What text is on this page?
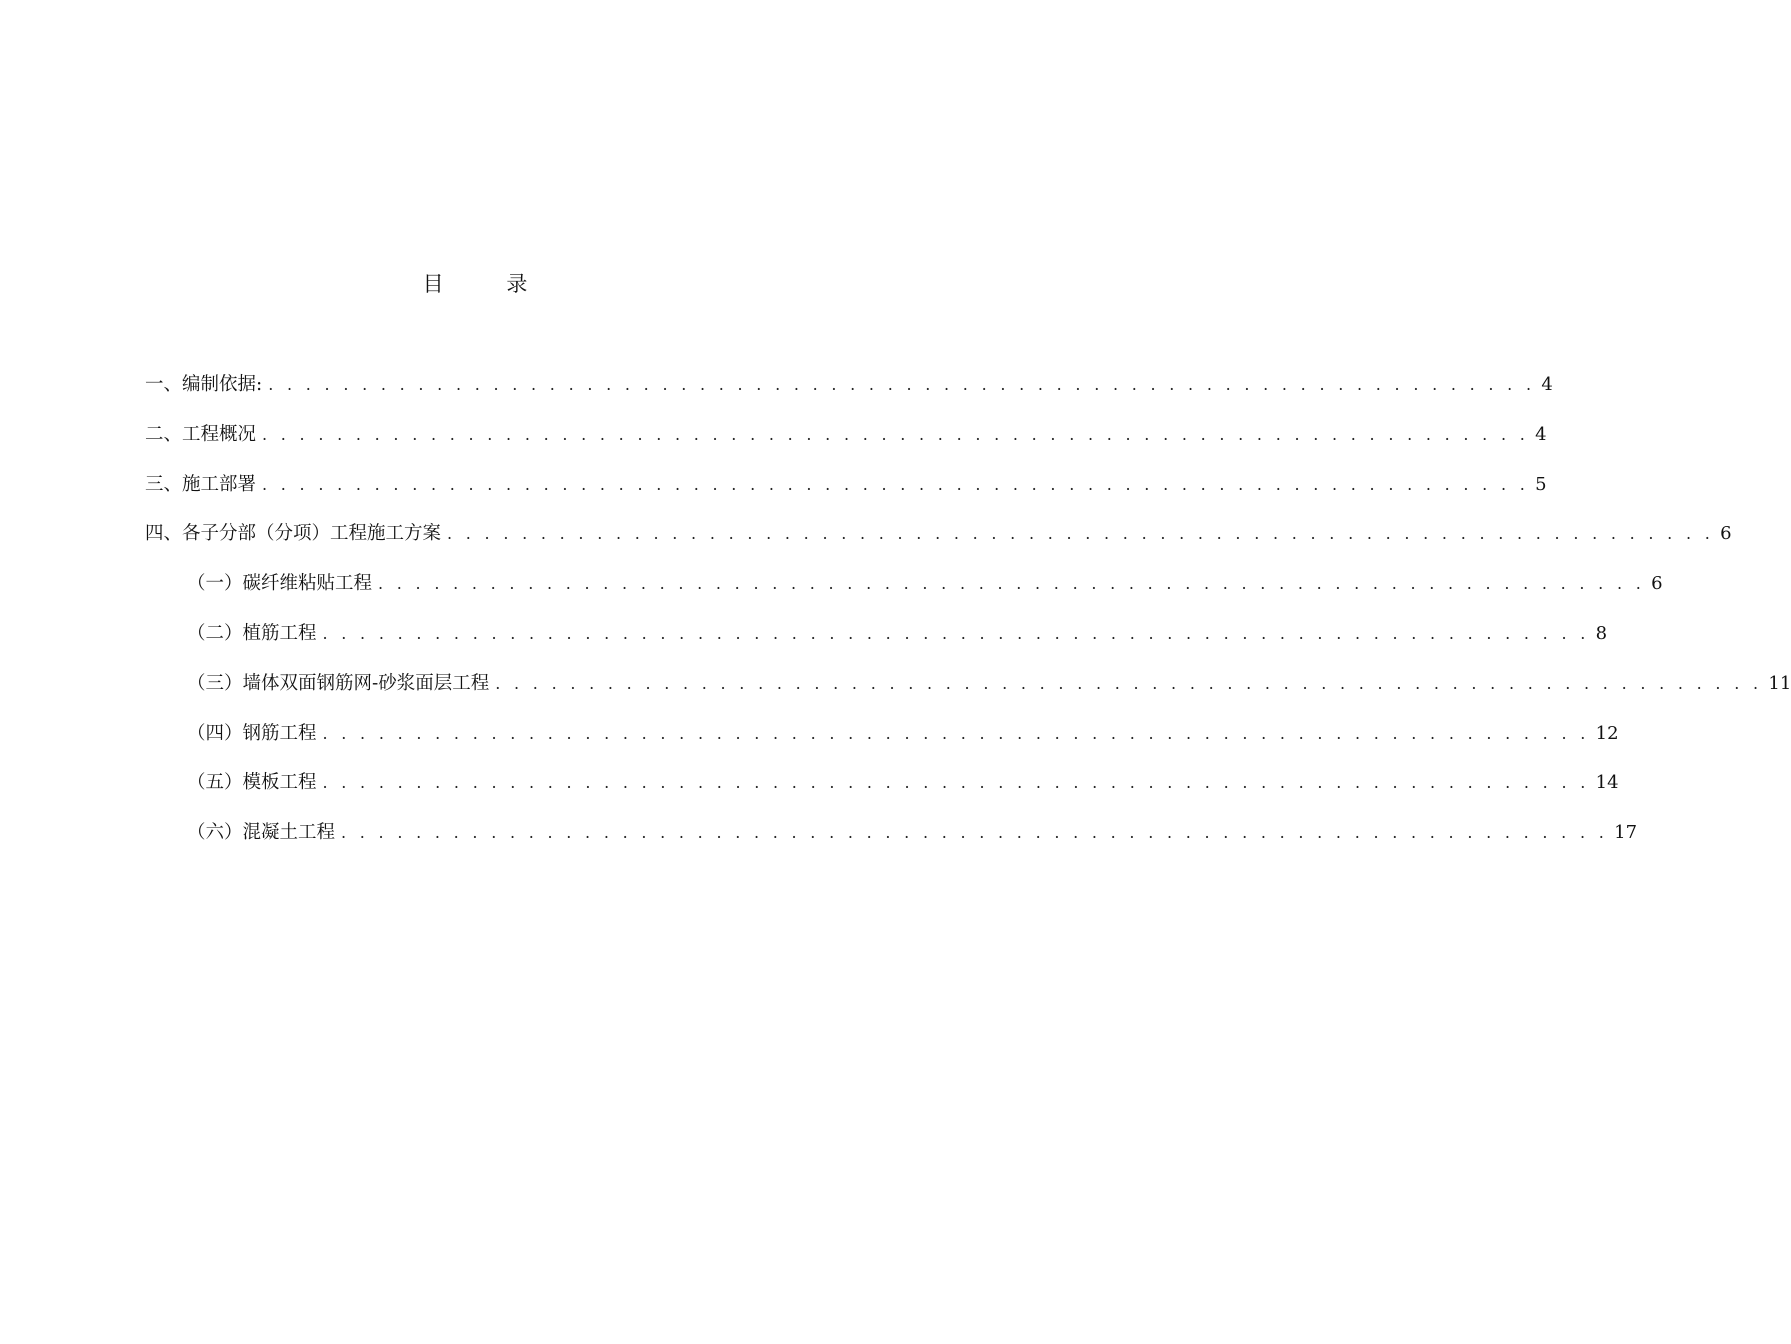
目 录
一、编制依据: . . . . . . . . . . . . . . . . . . . . . . . . . . . . . . . . . . . . . . . . . . . . . . . . . . . . . . . . . . . . . . . . . . . . 4
二、工程概况 . . . . . . . . . . . . . . . . . . . . . . . . . . . . . . . . . . . . . . . . . . . . . . . . . . . . . . . . . . . . . . . . . . . . 4
三、施工部署 . . . . . . . . . . . . . . . . . . . . . . . . . . . . . . . . . . . . . . . . . . . . . . . . . . . . . . . . . . . . . . . . . . . . 5
四、各子分部（分项）工程施工方案 . . . . . . . . . . . . . . . . . . . . . . . . . . . . . . . . . . . . . . . . . . . . . . . . . . . . . . . . . . . . . . . . . . . . 6
（一）碳纤维粘贴工程 . . . . . . . . . . . . . . . . . . . . . . . . . . . . . . . . . . . . . . . . . . . . . . . . . . . . . . . . . . . . . . . . . . . . 6
（二）植筋工程 . . . . . . . . . . . . . . . . . . . . . . . . . . . . . . . . . . . . . . . . . . . . . . . . . . . . . . . . . . . . . . . . . . . . 8
（三）墙体双面钢筋网-砂浆面层工程 . . . . . . . . . . . . . . . . . . . . . . . . . . . . . . . . . . . . . . . . . . . . . . . . . . . . . . . . . . . . . . . . . . . . 11
（四）钢筋工程 . . . . . . . . . . . . . . . . . . . . . . . . . . . . . . . . . . . . . . . . . . . . . . . . . . . . . . . . . . . . . . . . . . . . 12
（五）模板工程 . . . . . . . . . . . . . . . . . . . . . . . . . . . . . . . . . . . . . . . . . . . . . . . . . . . . . . . . . . . . . . . . . . . . 14
（六）混凝土工程 . . . . . . . . . . . . . . . . . . . . . . . . . . . . . . . . . . . . . . . . . . . . . . . . . . . . . . . . . . . . . . . . . . . . 17
